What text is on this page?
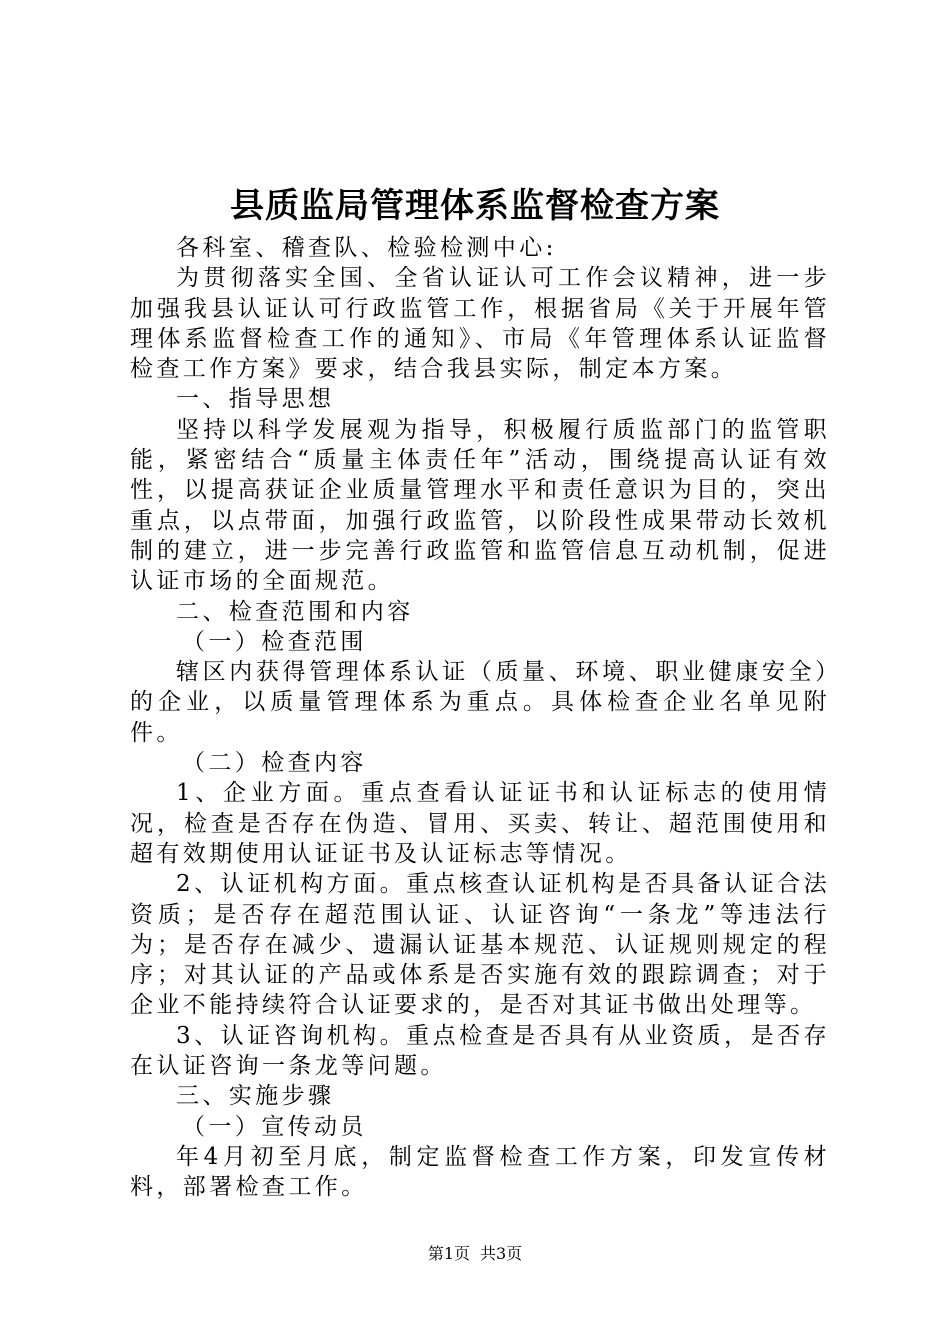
县质监局管理体系监督检查方案

各科室、稽查队、检验检测中心:

为贯彻落实全国、全省认证认可工作会议精神，进一步加强我县认证认可行政监管工作，根据省局《关于开展年管理体系监督检查工作的通知》、市局《年管理体系认证监督检查工作方案》要求，结合我县实际，制定本方案。

一、指导思想

坚持以科学发展观为指导，积极履行质监部门的监管职能，紧密结合“质量主体责任年”活动，围绕提高认证有效性，以提高获证企业质量管理水平和责任意识为目的，突出重点，以点带面，加强行政监管，以阶段性成果带动长效机制的建立，进一步完善行政监管和监管信息互动机制，促进认证市场的全面规范。

二、检查范围和内容

（一）检查范围

辖区内获得管理体系认证（质量、环境、职业健康安全）的企业，以质量管理体系为重点。具体检查企业名单见附件。

（二）检查内容

1、企业方面。重点查看认证证书和认证标志的使用情况，检查是否存在伪造、冒用、买卖、转让、超范围使用和超有效期使用认证证书及认证标志等情况。

2、认证机构方面。重点核查认证机构是否具备认证合法资质；是否存在超范围认证、认证咨询“一条龙”等违法行为；是否存在减少、遗漏认证基本规范、认证规则规定的程序；对其认证的产品或体系是否实施有效的跟踪调查；对于企业不能持续符合认证要求的，是否对其证书做出处理等。

3、认证咨询机构。重点检查是否具有从业资质，是否存在认证咨询一条龙等问题。

三、实施步骤

（一）宣传动员

年4月初至月底，制定监督检查工作方案，印发宣传材料，部署检查工作。

第1页 共3页
